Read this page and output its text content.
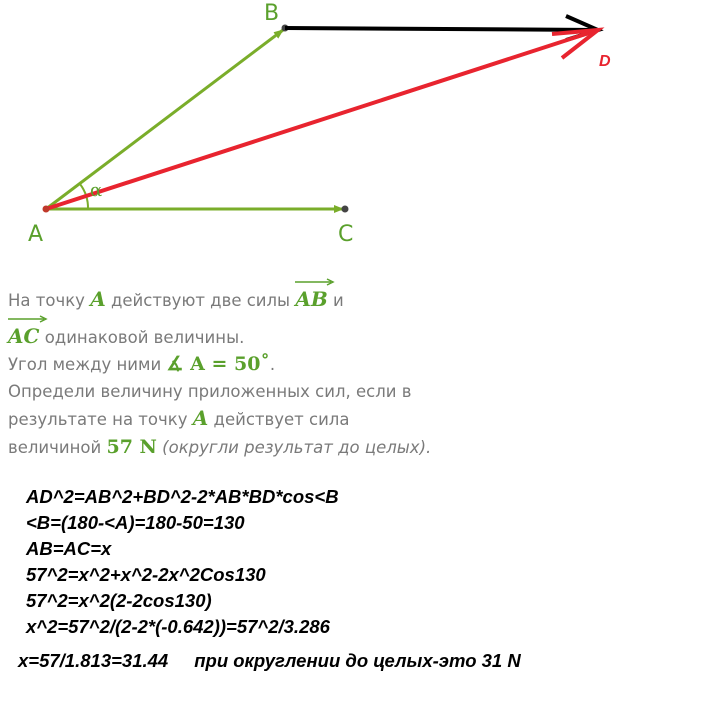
B
A	C
D
α
На точку A действуют две силы AB и
AC одинаковой величины.
Угол между ними ∡ A = 50˚.
Определи величину приложенных сил, если в
результате на точку A действует сила
величиной 57 N (округли результат до целых).
AD^2=AB^2+BD^2-2*AB*BD*cos<B
<B=(180-<A)=180-50=130
AB=AC=x
57^2=x^2+x^2-2x^2Cos130
57^2=x^2(2-2cos130)
x^2=57^2/(2-2*(-0.642))=57^2/3.286
x=57/1.813=31.44 при округлении до целых-это 31 N
